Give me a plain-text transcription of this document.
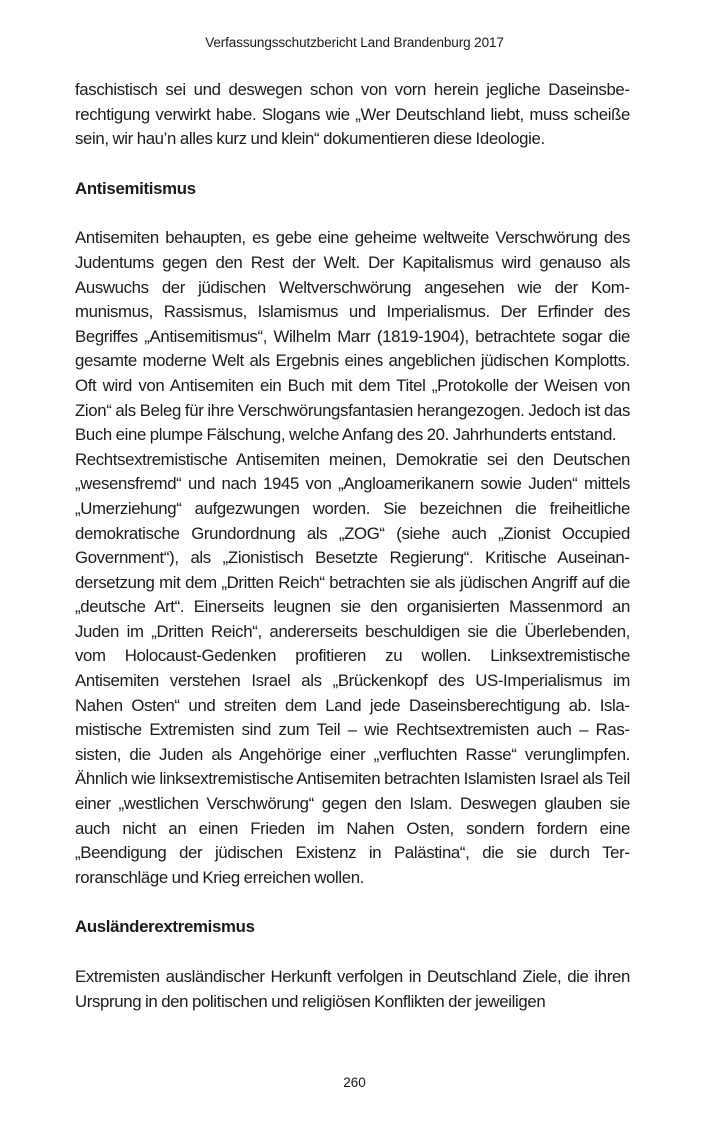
Verfassungsschutzbericht Land Brandenburg 2017

faschistisch sei und deswegen schon von vorn herein jegliche Daseinsberechtigung verwirkt habe. Slogans wie „Wer Deutschland liebt, muss scheiße sein, wir hau’n alles kurz und klein“ dokumentieren diese Ideologie.

Antisemitismus

Antisemiten behaupten, es gebe eine geheime weltweite Verschwörung des Judentums gegen den Rest der Welt. Der Kapitalismus wird genauso als Auswuchs der jüdischen Weltverschwörung angesehen wie der Kommunismus, Rassismus, Islamismus und Imperialismus. Der Erfinder des Begriffes „Antisemitismus“, Wilhelm Marr (1819-1904), betrachtete sogar die gesamte moderne Welt als Ergebnis eines angeblichen jüdischen Komplotts. Oft wird von Antisemiten ein Buch mit dem Titel „Protokolle der Weisen von Zion“ als Beleg für ihre Verschwörungsfantasien herangezogen. Jedoch ist das Buch eine plumpe Fälschung, welche Anfang des 20. Jahrhunderts entstand.

Rechtsextremistische Antisemiten meinen, Demokratie sei den Deutschen „wesensfremd“ und nach 1945 von „Angloamerikanern sowie Juden“ mittels „Umerziehung“ aufgezwungen worden. Sie bezeichnen die freiheitliche demokratische Grundordnung als „ZOG“ (siehe auch „Zionist Occupied Government“), als „Zionistisch Besetzte Regierung“. Kritische Auseinandersetzung mit dem „Dritten Reich“ betrachten sie als jüdischen Angriff auf die „deutsche Art“. Einerseits leugnen sie den organisierten Massenmord an Juden im „Dritten Reich“, andererseits beschuldigen sie die Überlebenden, vom Holocaust-Gedenken profitieren zu wollen. Linksextremistische Antisemiten verstehen Israel als „Brückenkopf des US-Imperialismus im Nahen Osten“ und streiten dem Land jede Daseinsberechtigung ab. Islamistische Extremisten sind zum Teil – wie Rechtsextremisten auch – Rassisten, die Juden als Angehörige einer „verfluchten Rasse“ verunglimpfen. Ähnlich wie linksextremistische Antisemiten betrachten Islamisten Israel als Teil einer „westlichen Verschwörung“ gegen den Islam. Deswegen glauben sie auch nicht an einen Frieden im Nahen Osten, sondern fordern eine „Beendigung der jüdischen Existenz in Palästina“, die sie durch Terroranschläge und Krieg erreichen wollen.

Ausländerextremismus

Extremisten ausländischer Herkunft verfolgen in Deutschland Ziele, die ihren Ursprung in den politischen und religiösen Konflikten der jeweiligen

260
